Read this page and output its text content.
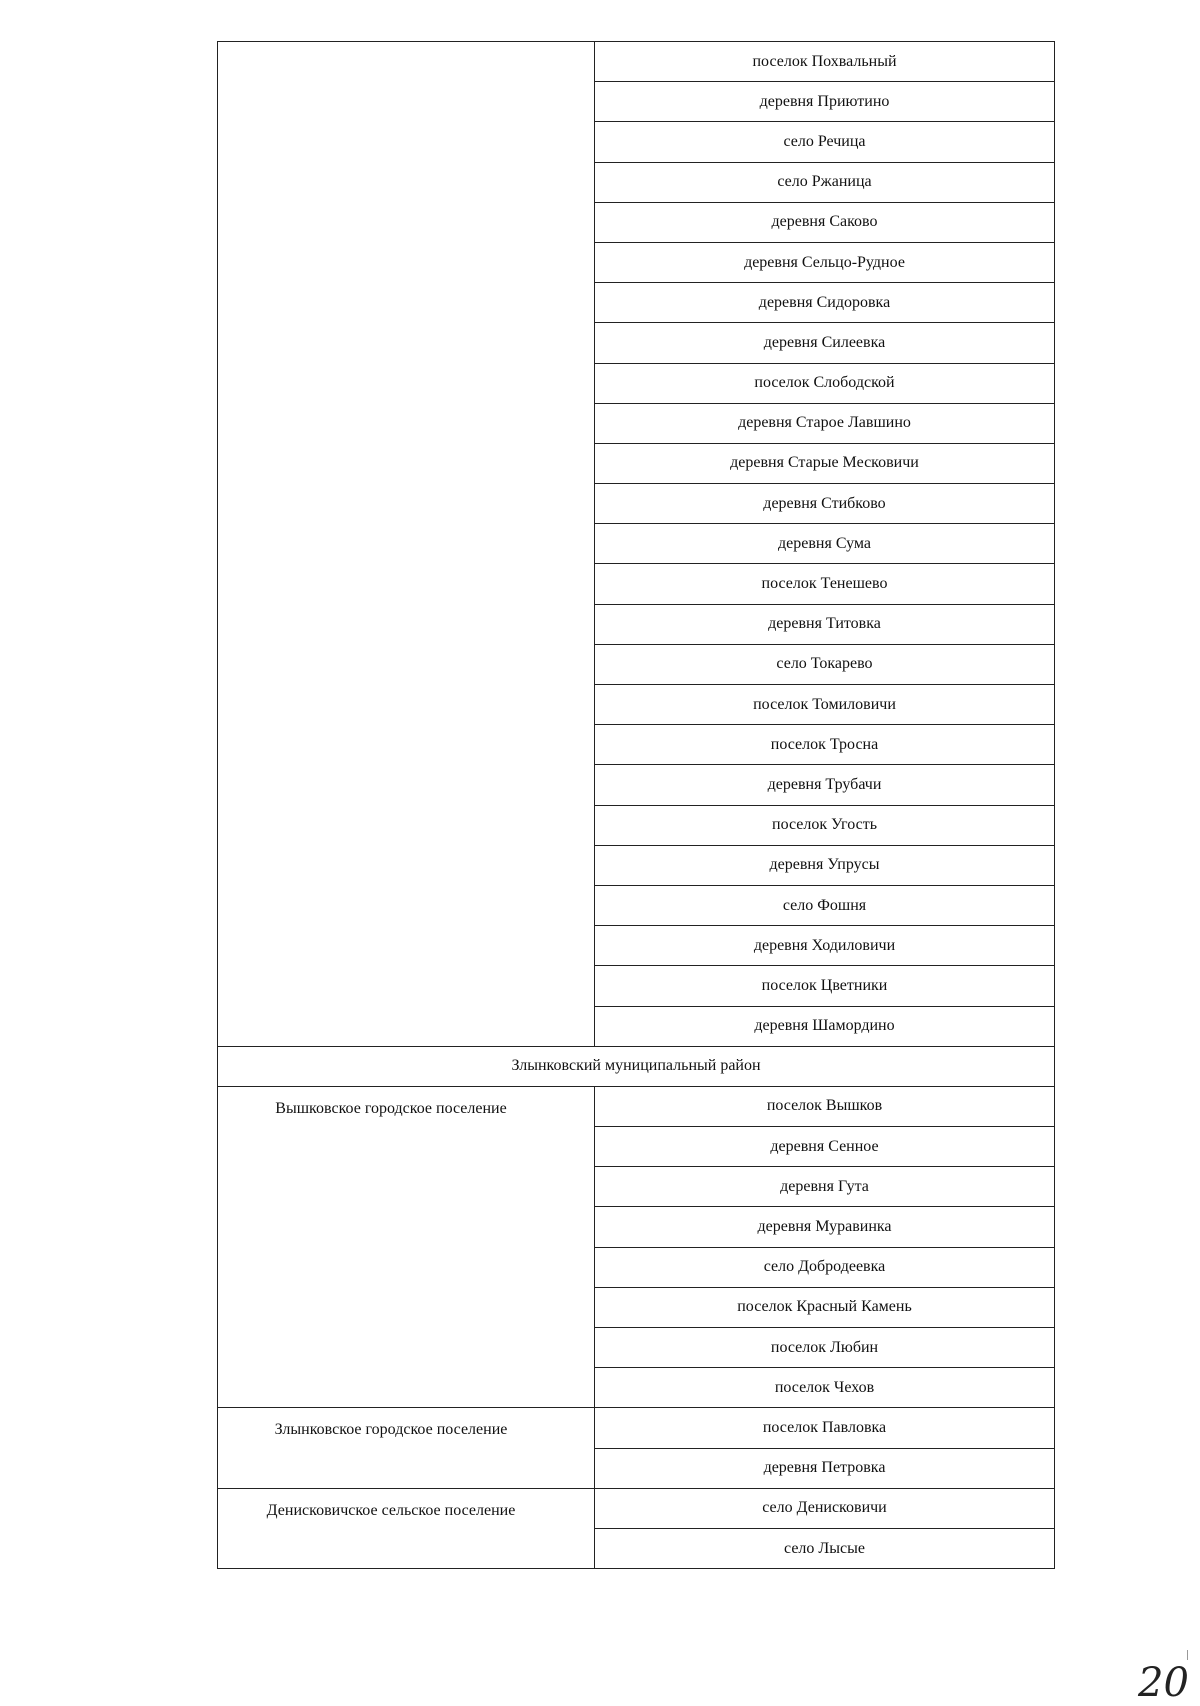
	поселок Похвальный
	деревня Приютино
	село Речица
	село Ржаница
	деревня Саково
	деревня Сельцо-Рудное
	деревня Сидоровка
	деревня Силеевка
	поселок Слободской
	деревня Старое Лавшино
	деревня Старые Месковичи
	деревня Стибково
	деревня Сума
	поселок Тенешево
	деревня Титовка
	село Токарево
	поселок Томиловичи
	поселок Тросна
	деревня Трубачи
	поселок Угость
	деревня Упрусы
	село Фошня
	деревня Ходиловичи
	поселок Цветники
	деревня Шамордино
Злынковский муниципальный район	

Вышковское городское поселение	поселок Вышков
	деревня Сенное
	деревня Гута
	деревня Муравинка
	село Добродеевка
	поселок Красный Камень
	поселок Любин
	поселок Чехов

Злынковское городское поселение	поселок Павловка
	деревня Петровка

Денисковичское сельское поселение	село Денисковичи
	село Лысые
20
